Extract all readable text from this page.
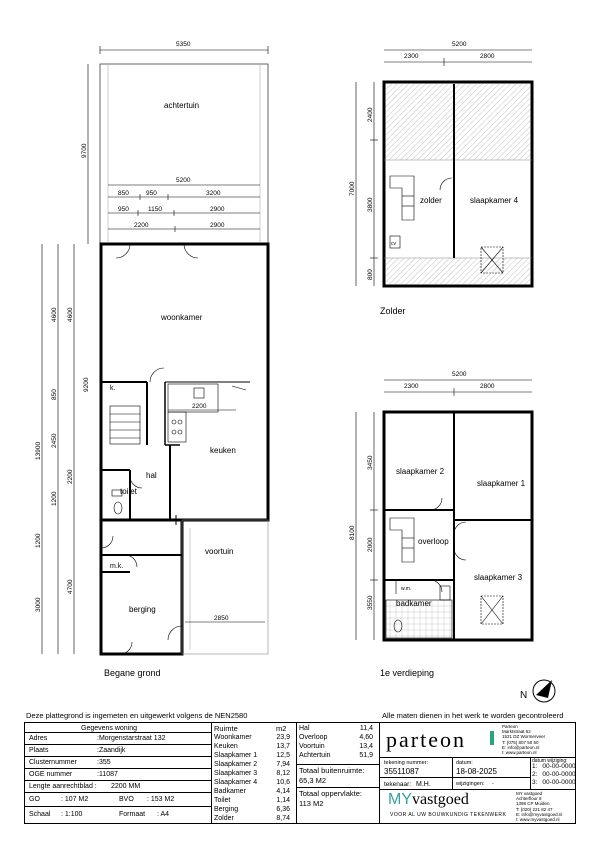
5350
5200
850	950	3200
950	1150	2900
2200	2900
2200
2850
9700
13900
4600 4600
9200
850
2450
2200
1200
1200
3000
4700
achtertuin
woonkamer
keuken
hal
toilet
berging
voortuin
m.k.
k.
Begane grond
5200
2300	2800
7000
2400
3800
800
zolder	slaapkamer 4
cv
Zolder
5200
2300	2800
8100
3450
2000
3550
slaapkamer 2
slaapkamer 1
overloop
slaapkamer 3
badkamer
w.m.
1e verdieping
N
Deze plattegrond is ingemeten en uitgewerkt volgens de NEN2580	Alle maten dienen in het werk te worden gecontroleerd
Gegevens woning
Adres	:Morgenstarstraat 132
Plaats	:Zaandijk
Clusternummer	:355
OGE nummer	:11087
Lengte aanrechtblad : 2200 MM
GO	: 107 M2	BVO : 153 M2
Schaal : 1:100	Formaat : A4
Ruimte	m2
Woonkamer	23,9
Keuken	13,7
Slaapkamer 1	12,5
Slaapkamer 2	7,94
Slaapkamer 3	8,12
Slaapkamer 4	10,6
Badkamer	4,14
Toilet	1,14
Berging	6,36
Zolder	8,74
Hal	11,4
Overloop	4,60
Voortuin	13,4
Achtertuin	51,9
Totaal buitenruimte:
65,3 M2
Totaal oppervlakte:
113 M2
parteon
Parteon
Marktstraat 52
1521 DZ Wormerveer
T: (075) 807 50 50
E: info@parteon.nl
I: www.parteon.nl
tekening nummer:
35511087
datum:
18-08-2025
tekenaar: M.H.	wijzigingen: -
datum wijziging:
1: 00-00-0000
2: 00-00-0000
3: 00-00-0000
MYvastgoed
VOOR AL UW BOUWKUNDIG TEKENWERK
MY vastgoed
Achterfloor 8
1398 CP Muiden
T: (020) 221 82 47
E: info@myvastgoed.nl
I: www.myvastgoed.nl
